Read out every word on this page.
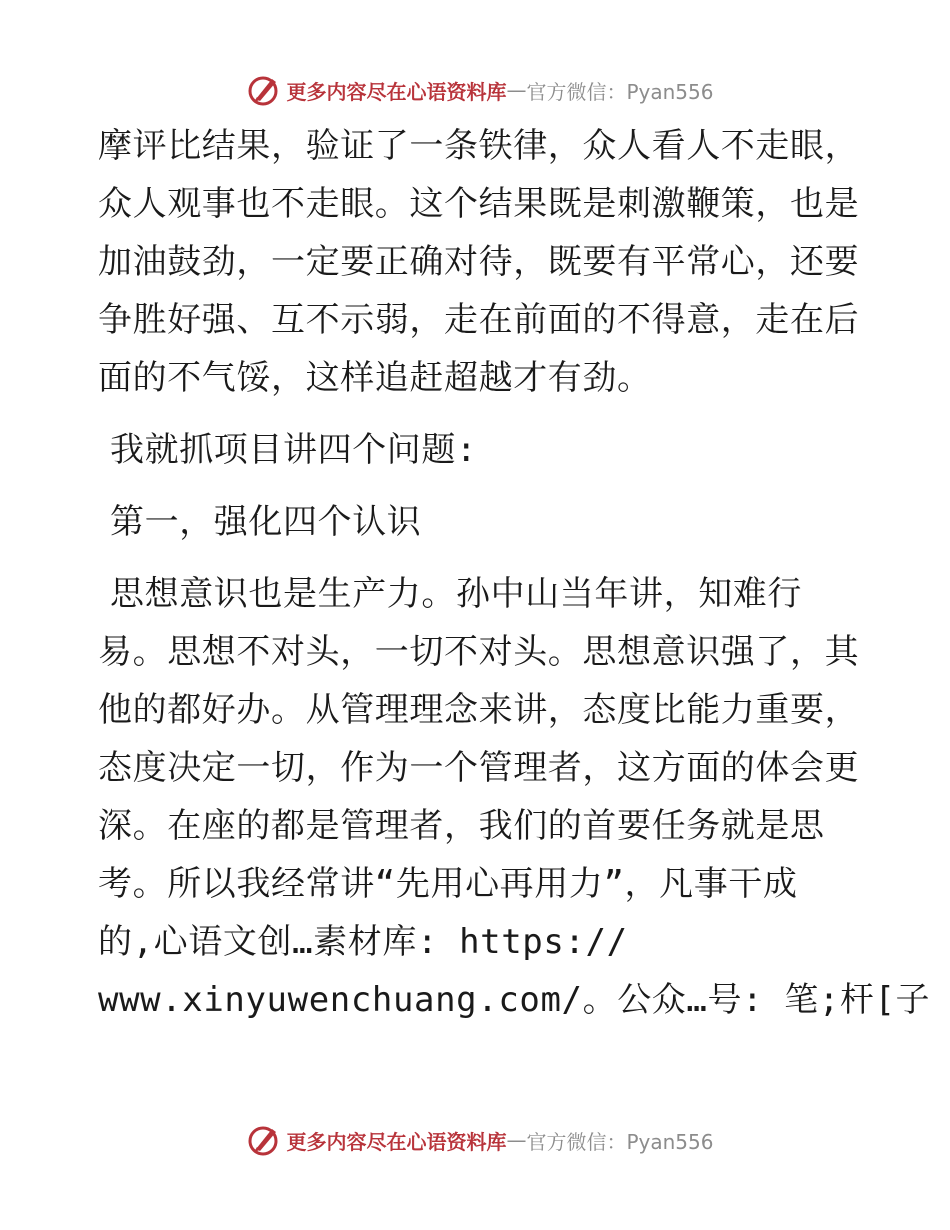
更多内容尽在心语资料库 — 官方微信：Pyan556
摩评比结果，验证了一条铁律，众人看人不走眼，
众人观事也不走眼。这个结果既是刺激鞭策，也是
加油鼓劲，一定要正确对待，既要有平常心，还要
争胜好强、互不示弱，走在前面的不得意，走在后
面的不气馁，这样追赶超越才有劲。
我就抓项目讲四个问题:
第一，强化四个认识
思想意识也是生产力。孙中山当年讲，知难行
易。思想不对头，一切不对头。思想意识强了，其
他的都好办。从管理理念来讲，态度比能力重要，
态度决定一切，作为一个管理者，这方面的体会更
深。在座的都是管理者，我们的首要任务就是思
考。所以我经常讲“先用心再用力”，凡事干成
的,心语文创…素材库: https://
www.xinyuwenchuang.com/。公众…号: 笔;杆[子
更多内容尽在心语资料库 — 官方微信：Pyan556
